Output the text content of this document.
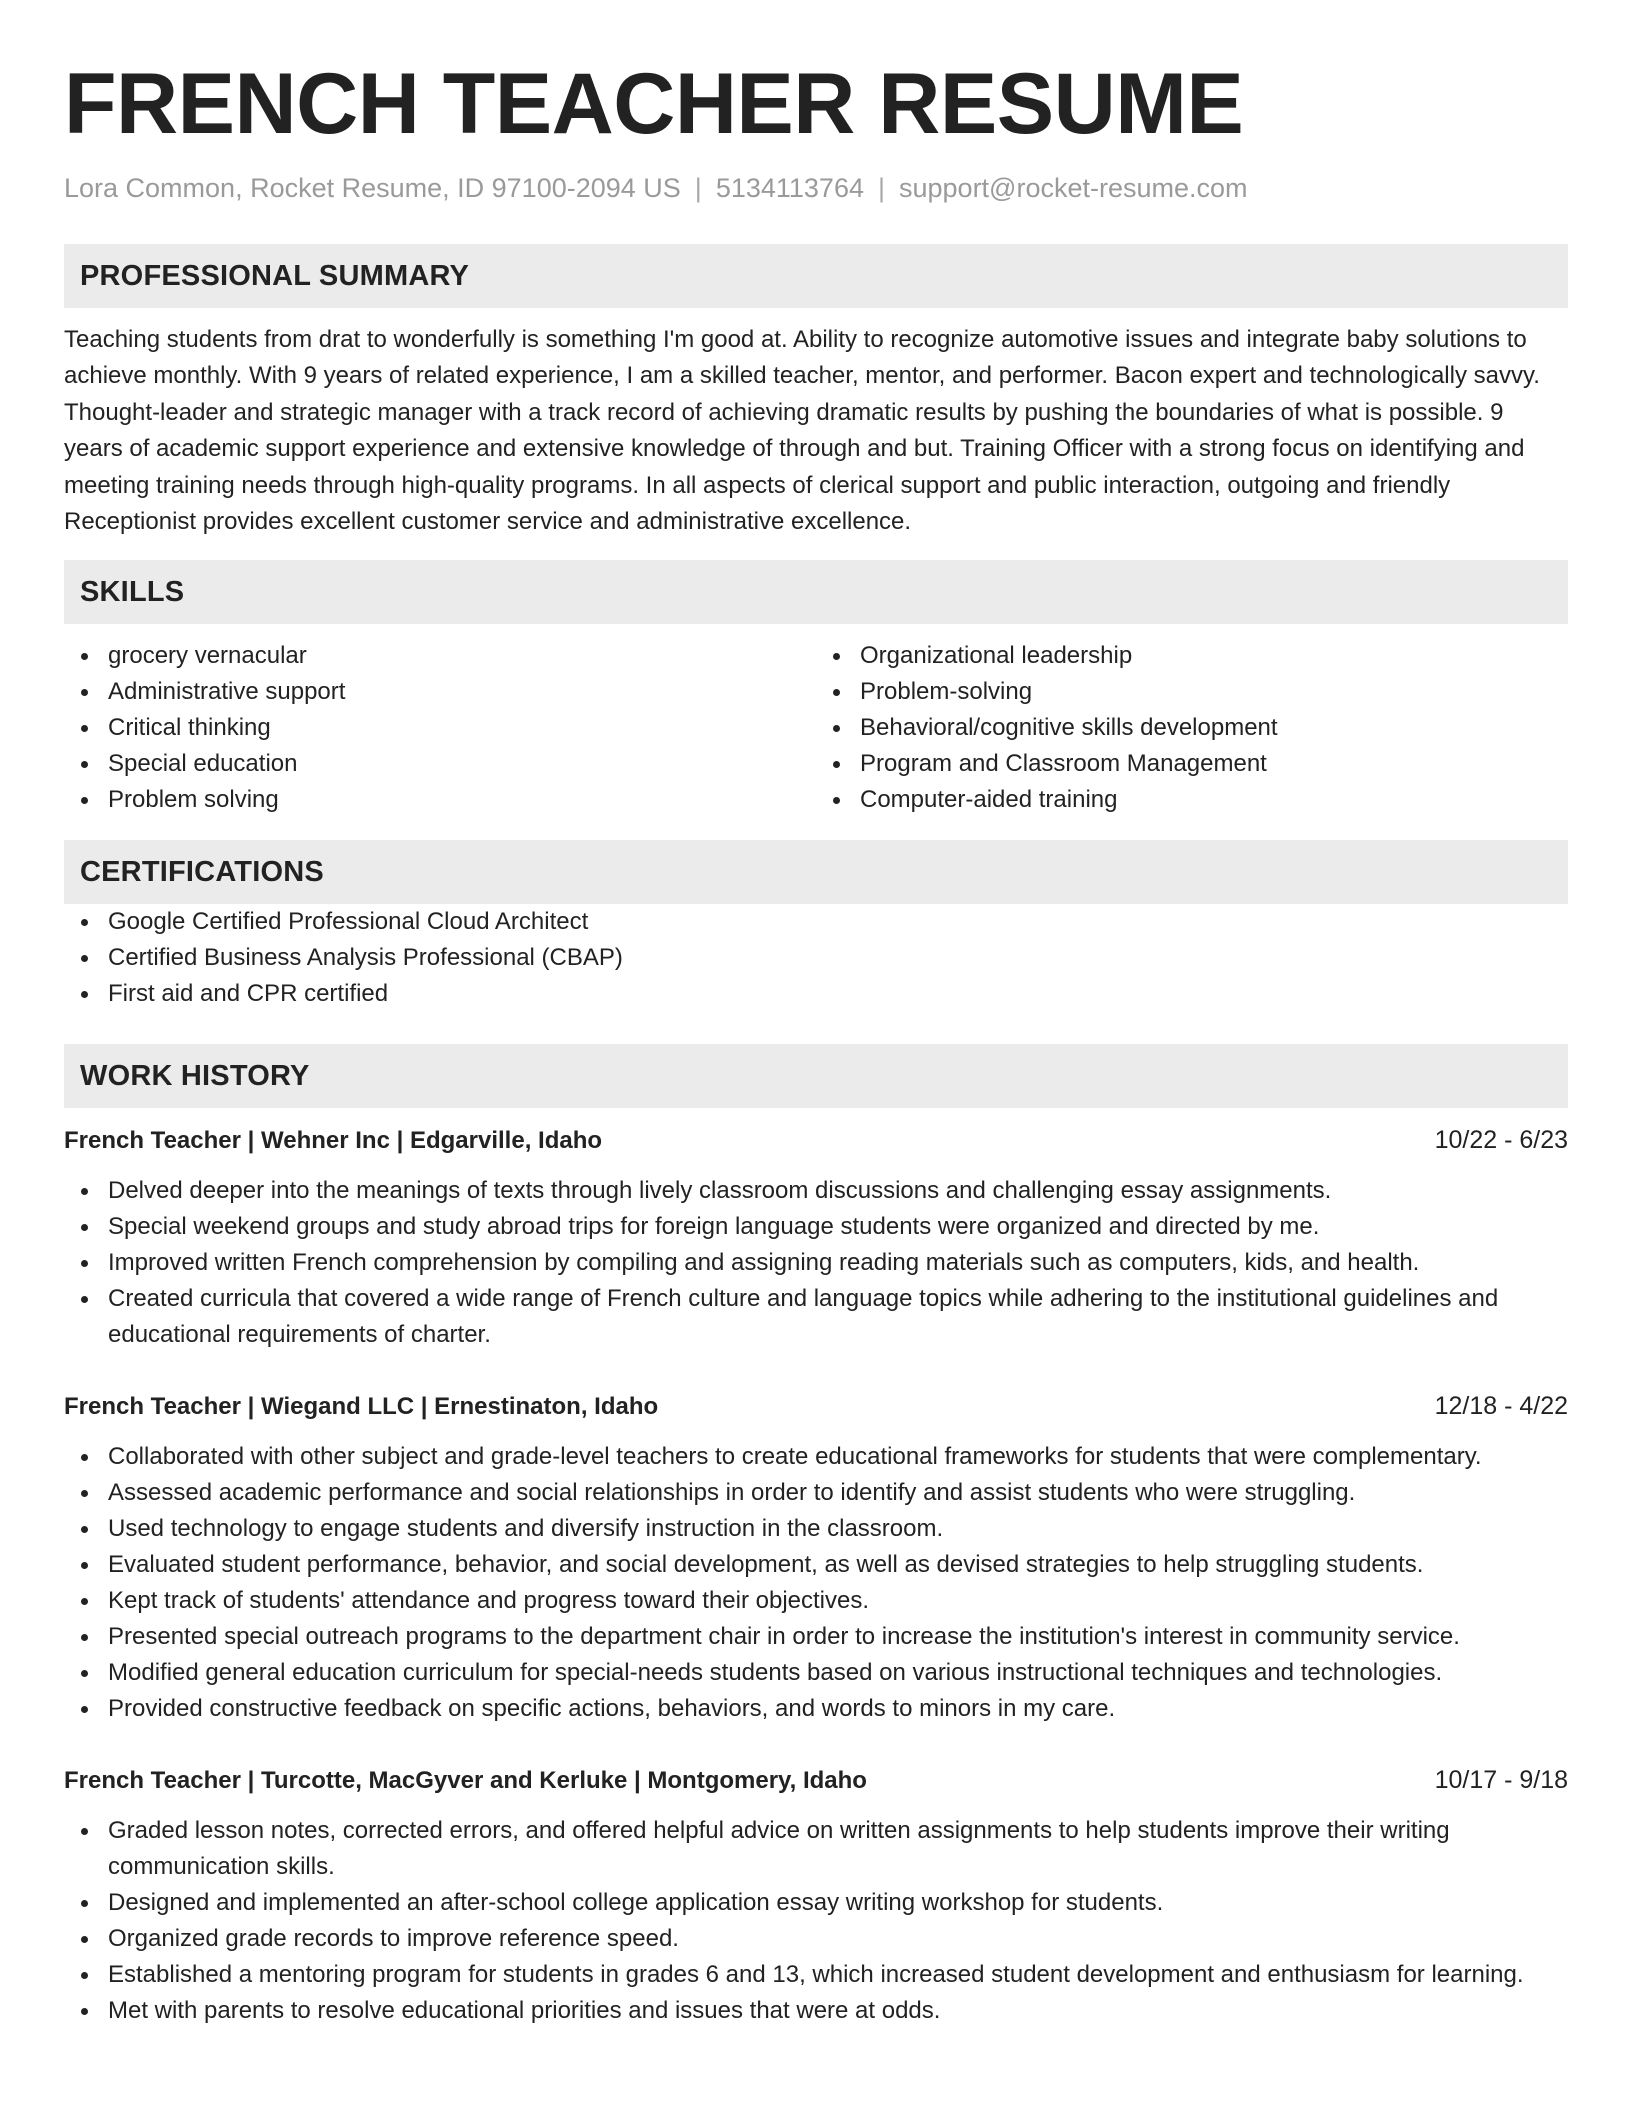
FRENCH TEACHER RESUME
Lora Common, Rocket Resume, ID 97100-2094 US | 5134113764 | support@rocket-resume.com
PROFESSIONAL SUMMARY

Teaching students from drat to wonderfully is something I'm good at. Ability to recognize automotive issues and integrate baby solutions to achieve monthly. With 9 years of related experience, I am a skilled teacher, mentor, and performer. Bacon expert and technologically savvy. Thought-leader and strategic manager with a track record of achieving dramatic results by pushing the boundaries of what is possible. 9 years of academic support experience and extensive knowledge of through and but. Training Officer with a strong focus on identifying and meeting training needs through high-quality programs. In all aspects of clerical support and public interaction, outgoing and friendly Receptionist provides excellent customer service and administrative excellence.

SKILLS
grocery vernacular
Administrative support
Critical thinking
Special education
Problem solving
Organizational leadership
Problem-solving
Behavioral/cognitive skills development
Program and Classroom Management
Computer-aided training
CERTIFICATIONS
Google Certified Professional Cloud Architect
Certified Business Analysis Professional (CBAP)
First aid and CPR certified
WORK HISTORY
French Teacher | Wehner Inc | Edgarville, Idaho	10/22 - 6/23
Delved deeper into the meanings of texts through lively classroom discussions and challenging essay assignments.
Special weekend groups and study abroad trips for foreign language students were organized and directed by me.
Improved written French comprehension by compiling and assigning reading materials such as computers, kids, and health.
Created curricula that covered a wide range of French culture and language topics while adhering to the institutional guidelines and educational requirements of charter.
French Teacher | Wiegand LLC | Ernestinaton, Idaho	12/18 - 4/22
Collaborated with other subject and grade-level teachers to create educational frameworks for students that were complementary.
Assessed academic performance and social relationships in order to identify and assist students who were struggling.
Used technology to engage students and diversify instruction in the classroom.
Evaluated student performance, behavior, and social development, as well as devised strategies to help struggling students.
Kept track of students' attendance and progress toward their objectives.
Presented special outreach programs to the department chair in order to increase the institution's interest in community service.
Modified general education curriculum for special-needs students based on various instructional techniques and technologies.
Provided constructive feedback on specific actions, behaviors, and words to minors in my care.
French Teacher | Turcotte, MacGyver and Kerluke | Montgomery, Idaho	10/17 - 9/18
Graded lesson notes, corrected errors, and offered helpful advice on written assignments to help students improve their writing communication skills.
Designed and implemented an after-school college application essay writing workshop for students.
Organized grade records to improve reference speed.
Established a mentoring program for students in grades 6 and 13, which increased student development and enthusiasm for learning.
Met with parents to resolve educational priorities and issues that were at odds.
